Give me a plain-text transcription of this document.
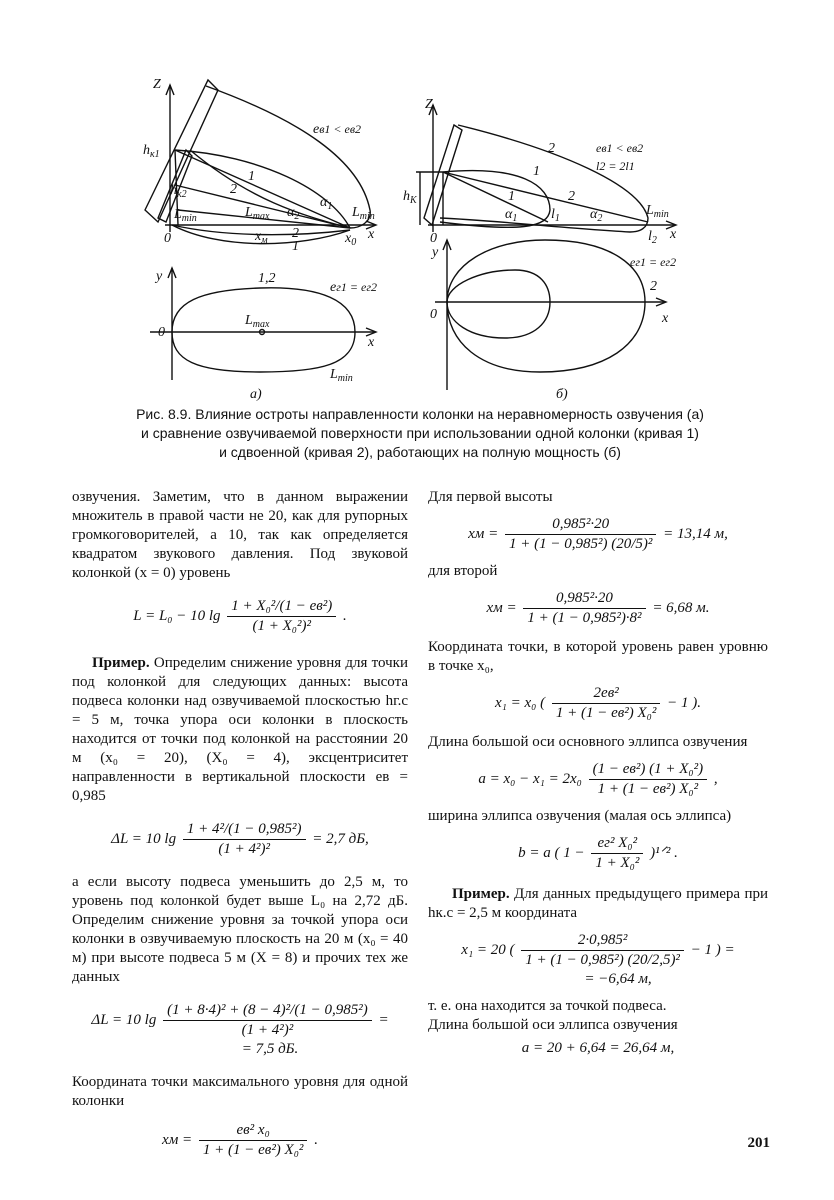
Z
$h_{к1}$
$h_{к2}$
eв1 < eв2
1
2
$L_{min}$	$L_{max}$ $\alpha_2$
$\alpha_1$ $L_{min}$
0	$x_м$ 2
1
$x_0$
x
y	1,2
eг1 = eг2
$L_{max}$
0
x
$L_{min}$
а)
Z
2	eв1 < eв2
l2 = 2l1
1
$h_К$	1	2
$\alpha_1$ $l_1$ $\alpha_2$
$L_{min}$
0	$l_2$ x
y
eг1 = eг2
2
0	x
б)
Рис. 8.9. Влияние остроты направленности колонки на неравномерность озвучения (а)
и сравнение озвучиваемой поверхности при использовании одной колонки (кривая 1)
и сдвоенной (кривая 2), работающих на полную мощность (б)

озвучения. Заметим, что в данном выражении множитель в правой части не 20, как для рупорных громкоговорителей, а 10, так как определяется квадратом звукового давления. Под звуковой колонкой (x = 0) уровень

L = L₀ − 10 $\lg \frac{\text{1 + X₀²/(1 − eв²)}}{\text{(1 + X₀²)²}}$ .

Пример. Определим снижение уровня для точки под колонкой для следующих данных: высота подвеса колонки над озвучиваемой плоскостью hг.с = 5 м, точка упора оси колонки в плоскость находится от точки под колонкой на расстоянии 20 м (x₀ = 20), (X₀ = 4), эксцентриситет направленности в вертикальной плоскости eв = 0,985

ΔL = 10 $\lg \frac{\text{1 + 4²/(1 − 0,985²)}}{\text{(1 + 4²)²}} = 2,7$ дБ,

а если высоту подвеса уменьшить до 2,5 м, то уровень под колонкой будет выше L₀ на 2,72 дБ. Определим снижение уровня за точкой упора оси колонки в озвучиваемую плоскость на 20 м (x₀ = 40 м) при высоте подвеса 5 м (X = 8) и прочих тех же данных

ΔL = 10 $\lg \frac{\text{(1 + 8·4)² + (8 − 4)²/(1 − 0,985²)}}{\text{(1 + 4²)²}}$ =
= 7,5 дБ.

Координата точки максимального уровня для одной колонки

xм = $\frac{\text{eв² x₀}}{\text{1 + (1 − eв²) X₀²}}$ .

Для первой высоты

xм = $\frac{\text{0,985²·20}}{\text{1 + (1 − 0,985²) (20/5)²}} = 13,14$ м,

для второй

xм = $\frac{\text{0,985²·20}}{\text{1 + (1 − 0,985²)·8²}} = 6,68$ м.

Координата точки, в которой уровень равен уровню в точке x₀,

x₁ = x₀ ( $\frac{\text{2eв²}}{\text{1 + (1 − eв²) X₀²}} - 1$ ).

Длина большой оси основного эллипса озвучения

$a = x_0 - x_1 = 2x_0 \frac{\text{(1 − eв²) (1 + X₀²)}}{\text{1 + (1 − eв²) X₀²}}$ ,

ширина эллипса озвучения (малая ось эллипса)

b = a ( $1 - \frac{\text{eг² X₀²}}{\text{1 + X₀²}}$ )¹ᐟ² .

Пример. Для данных предыдущего примера при hк.с = 2,5 м координата

x₁ = 20 ( $\frac{\text{2·0,985²}}{\text{1 + (1 − 0,985²) (20/2,5)²}} - 1$ ) =
= −6,64 м,

т. е. она находится за точкой подвеса.

Длина большой оси эллипса озвучения

a = 20 + 6,64 = 26,64 м,
201
